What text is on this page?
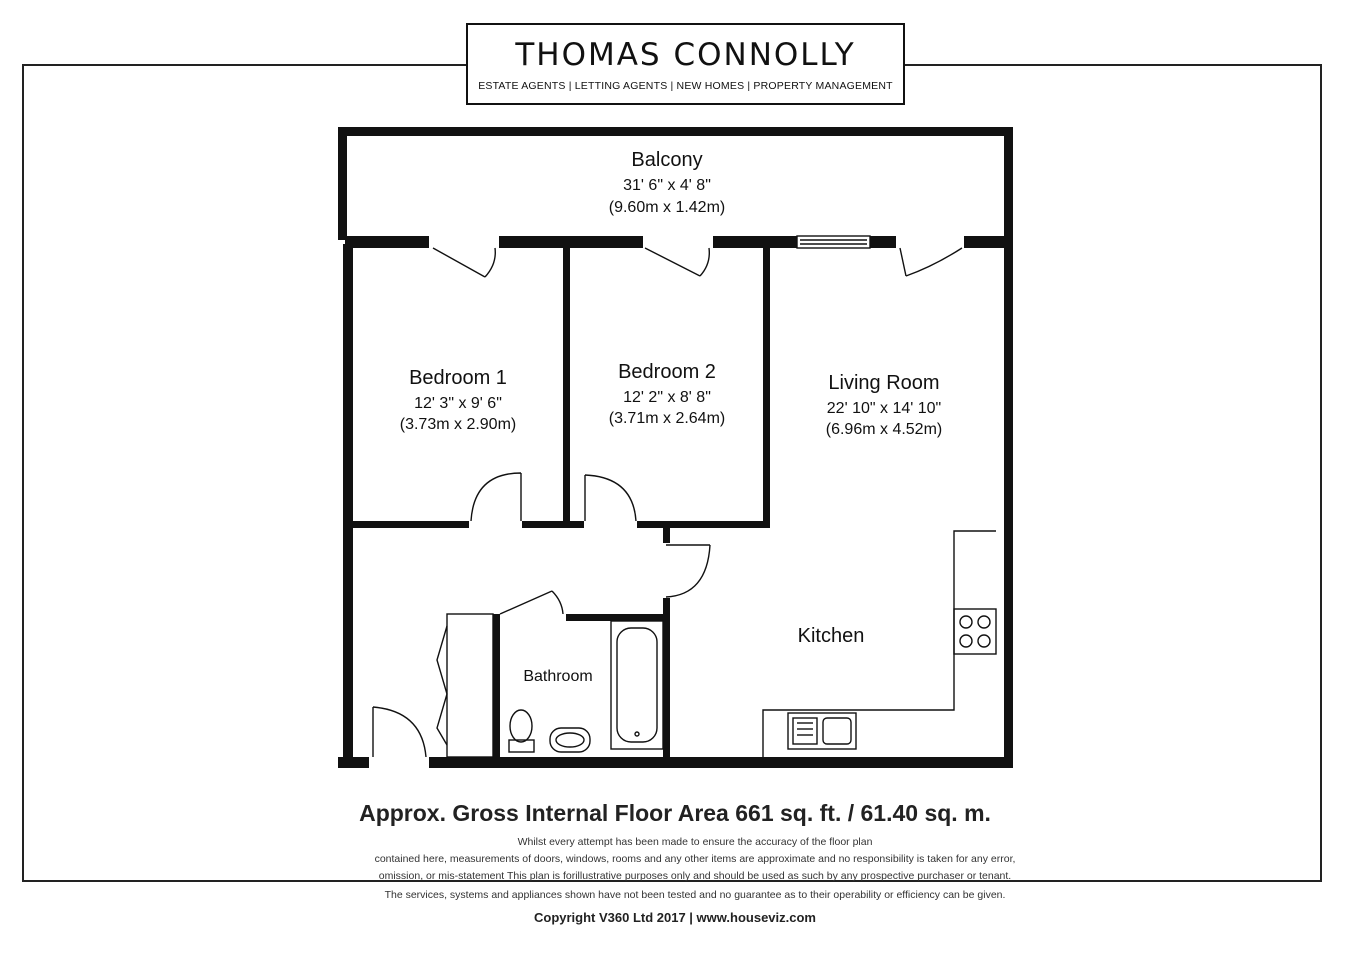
THOMAS CONNOLLY
ESTATE AGENTS | LETTING AGENTS | NEW HOMES | PROPERTY MANAGEMENT
Balcony
31' 6" x 4' 8"
(9.60m x 1.42m)
Bedroom 1
12' 3" x 9' 6"
(3.73m x 2.90m)
Bedroom 2
12' 2" x 8' 8"
(3.71m x 2.64m)
Living Room
22' 10" x 14' 10"
(6.96m x 4.52m)
Kitchen
Bathroom
Approx. Gross Internal Floor Area 661 sq. ft. / 61.40 sq. m.
Whilst every attempt has been made to ensure the accuracy of the floor plan
contained here, measurements of doors, windows, rooms and any other items are approximate and no responsibility is taken for any error,
omission, or mis-statement This plan is forillustrative purposes only and should be used as such by any prospective purchaser or tenant.
The services, systems and appliances shown have not been tested and no guarantee as to their operability or efficiency can be given.
Copyright V360 Ltd 2017 | www.houseviz.com
